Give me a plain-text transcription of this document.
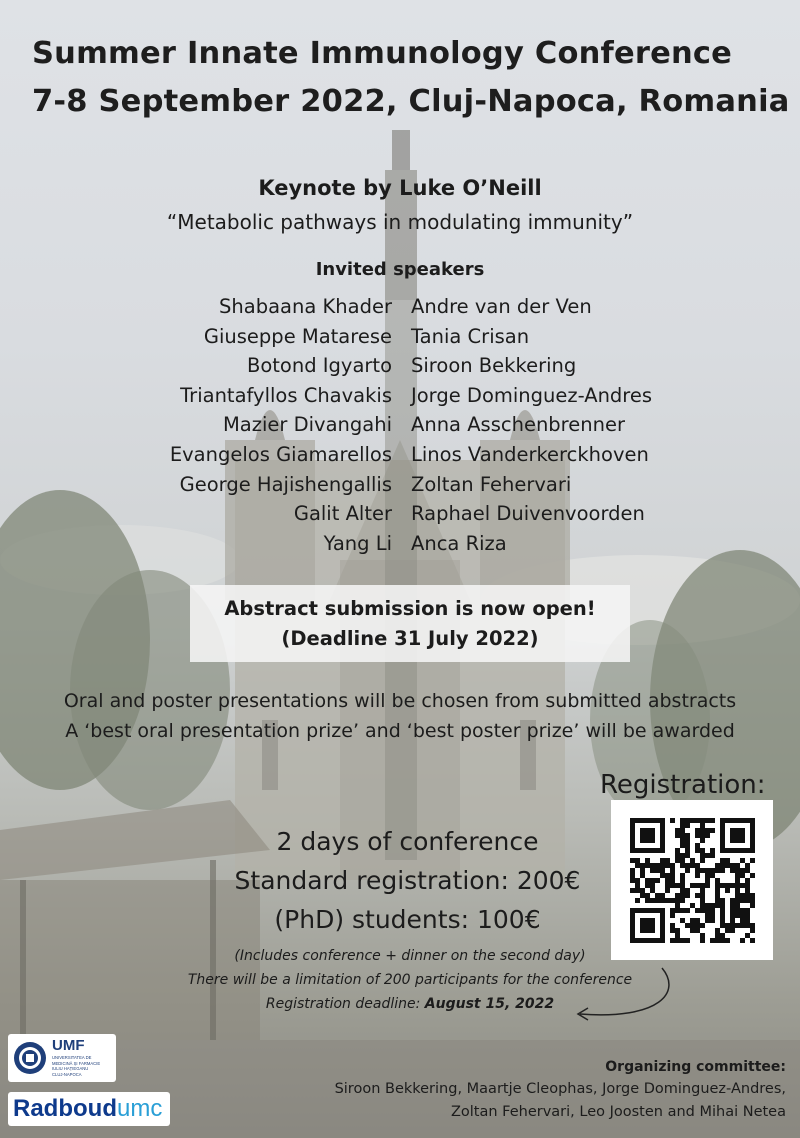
Summer Innate Immunology Conference
7-8 September 2022, Cluj-Napoca, Romania
Keynote by Luke O’Neill
“Metabolic pathways in modulating immunity”
Invited speakers
Shabaana Khader
Giuseppe Matarese
Botond Igyarto
Triantafyllos Chavakis
Mazier Divangahi
Evangelos Giamarellos
George Hajishengallis
Galit Alter
Yang Li
Andre van der Ven
Tania Crisan
Siroon Bekkering
Jorge Dominguez-Andres
Anna Asschenbrenner
Linos Vanderkerckhoven
Zoltan Fehervari
Raphael Duivenvoorden
Anca Riza
Abstract submission is now open!
(Deadline 31 July 2022)
Oral and poster presentations will be chosen from submitted abstracts
A ‘best oral presentation prize’ and ‘best poster prize’ will be awarded
Registration:
2 days of conference
Standard registration: 200€
(PhD) students: 100€
(Includes conference + dinner on the second day)
There will be a limitation of 200 participants for the conference
Registration deadline: August 15, 2022
UMF
UNIVERSITATEA DE
MEDICINĂ ȘI FARMACIE
IULIU HAȚIEGANU
CLUJ-NAPOCA
Radboudumc
Organizing committee:
Siroon Bekkering, Maartje Cleophas, Jorge Dominguez-Andres,
Zoltan Fehervari, Leo Joosten and Mihai Netea
